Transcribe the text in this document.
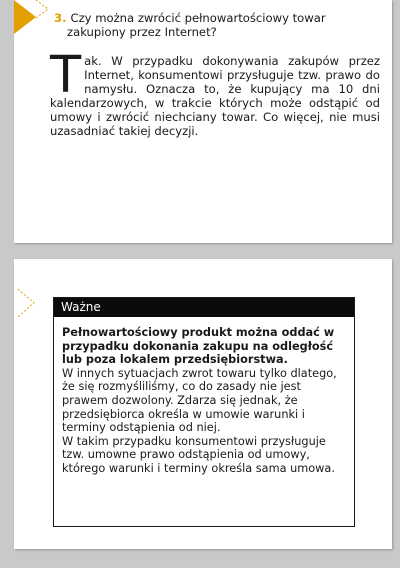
3. Czy można zwrócić pełnowartościowy towar
zakupiony przez Internet?
Tak. W przypadku dokonywania zakupów przez Internet, konsumentowi przysługuje tzw. prawo do namysłu. Oznacza to, że kupujący ma 10 dni kalendarzowych, w trakcie których może odstąpić od umowy i zwrócić niechciany towar. Co więcej, nie musi uzasadniać takiej decyzji.
Ważne
Pełnowartościowy produkt można oddać w przypadku dokonania zakupu na odległość lub poza lokalem przedsiębiorstwa.
W innych sytuacjach zwrot towaru tylko dlatego, że się rozmyśliliśmy, co do zasady nie jest prawem dozwolony. Zdarza się jednak, że przedsiębiorca określa w umowie warunki i terminy odstąpienia od niej.
W takim przypadku konsumentowi przysługuje tzw. umowne prawo odstąpienia od umowy, którego warunki i terminy określa sama umowa.
